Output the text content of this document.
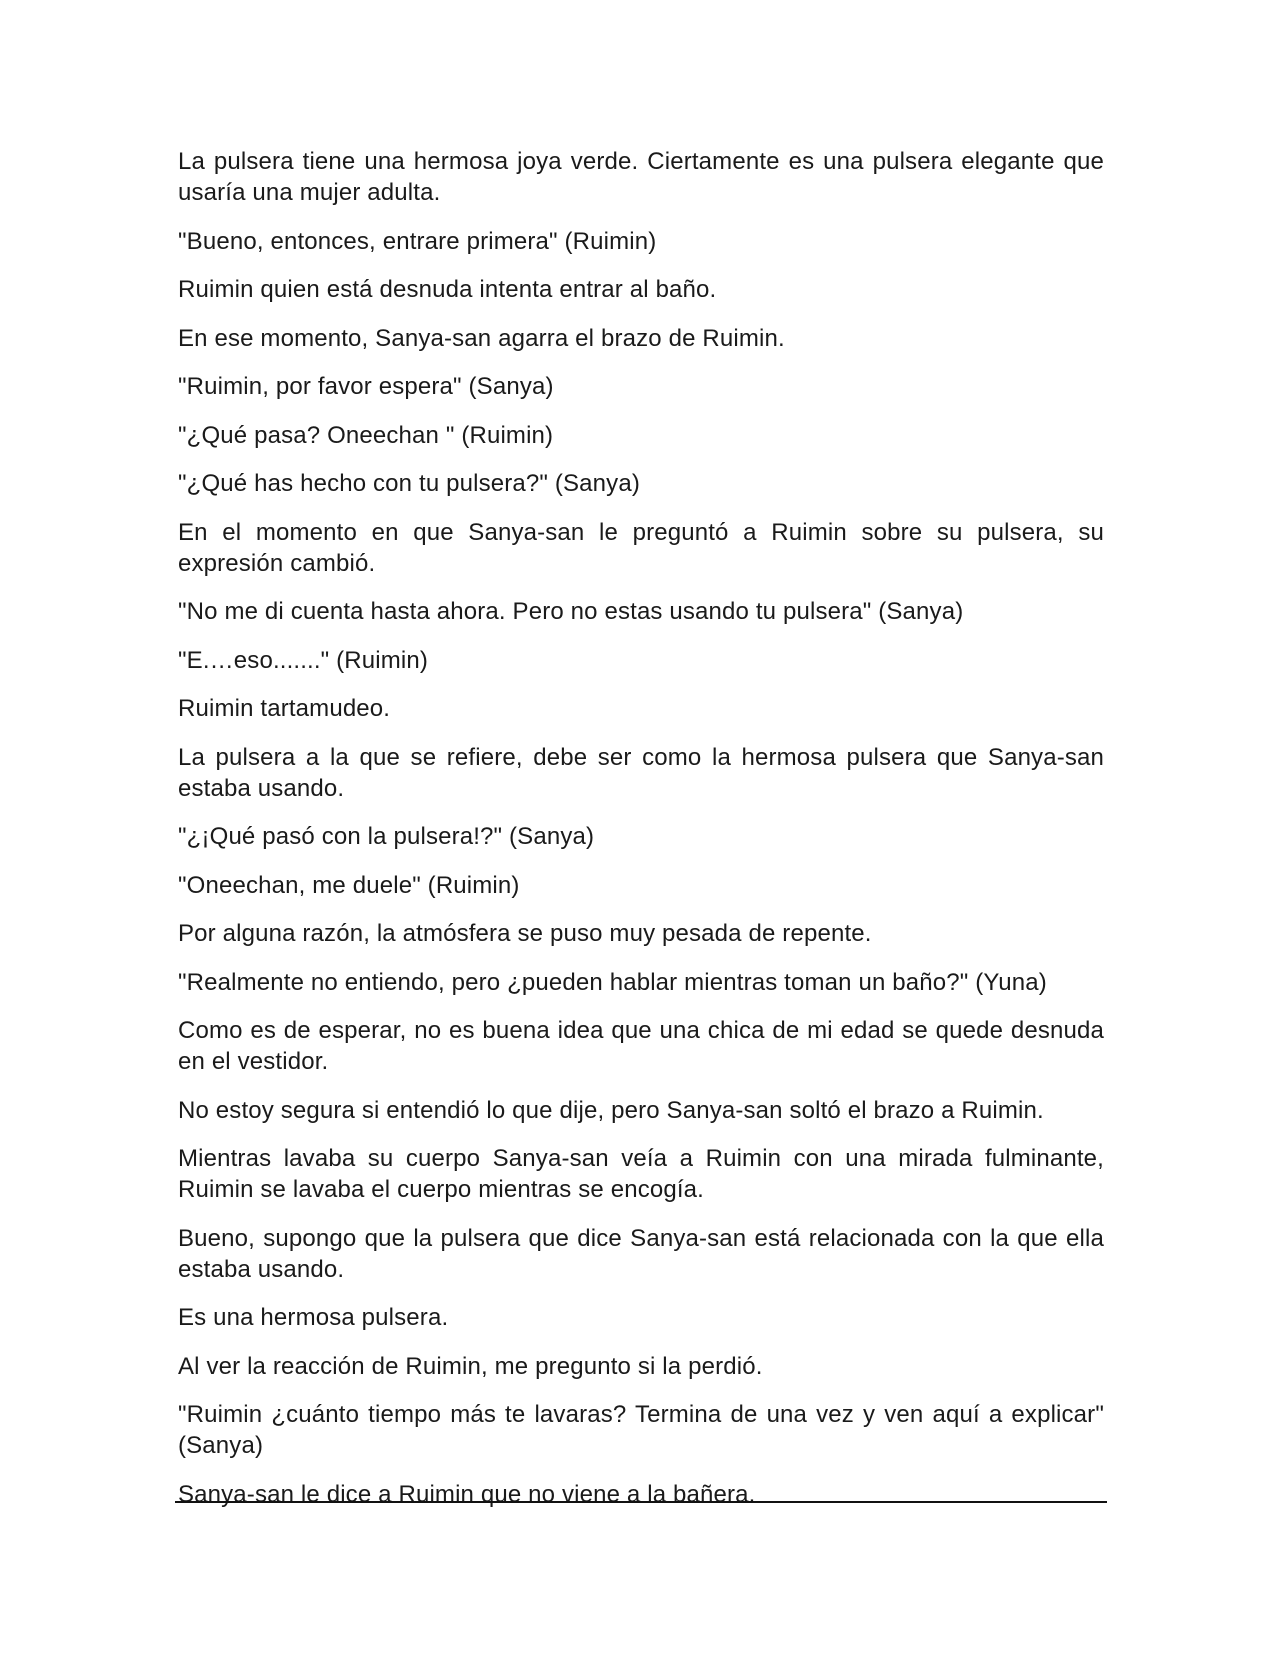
La pulsera tiene una hermosa joya verde. Ciertamente es una pulsera elegante que usaría una mujer adulta.

"Bueno, entonces, entrare primera" (Ruimin)

Ruimin quien está desnuda intenta entrar al baño.

En ese momento, Sanya-san agarra el brazo de Ruimin.

"Ruimin, por favor espera" (Sanya)

"¿Qué pasa? Oneechan " (Ruimin)

"¿Qué has hecho con tu pulsera?" (Sanya)

En el momento en que Sanya-san le preguntó a Ruimin sobre su pulsera, su expresión cambió.

"No me di cuenta hasta ahora. Pero no estas usando tu pulsera" (Sanya)

"E.…eso......." (Ruimin)

Ruimin tartamudeo.

La pulsera a la que se refiere, debe ser como la hermosa pulsera que Sanya-san estaba usando.

"¿¡Qué pasó con la pulsera!?" (Sanya)

"Oneechan, me duele" (Ruimin)

Por alguna razón, la atmósfera se puso muy pesada de repente.

"Realmente no entiendo, pero ¿pueden hablar mientras toman un baño?" (Yuna)

Como es de esperar, no es buena idea que una chica de mi edad se quede desnuda en el vestidor.

No estoy segura si entendió lo que dije, pero Sanya-san soltó el brazo a Ruimin.

Mientras lavaba su cuerpo Sanya-san veía a Ruimin con una mirada fulminante, Ruimin se lavaba el cuerpo mientras se encogía.

Bueno, supongo que la pulsera que dice Sanya-san está relacionada con la que ella estaba usando.

Es una hermosa pulsera.

Al ver la reacción de Ruimin, me pregunto si la perdió.

"Ruimin ¿cuánto tiempo más te lavaras? Termina de una vez y ven aquí a explicar" (Sanya)

Sanya-san le dice a Ruimin que no viene a la bañera.
